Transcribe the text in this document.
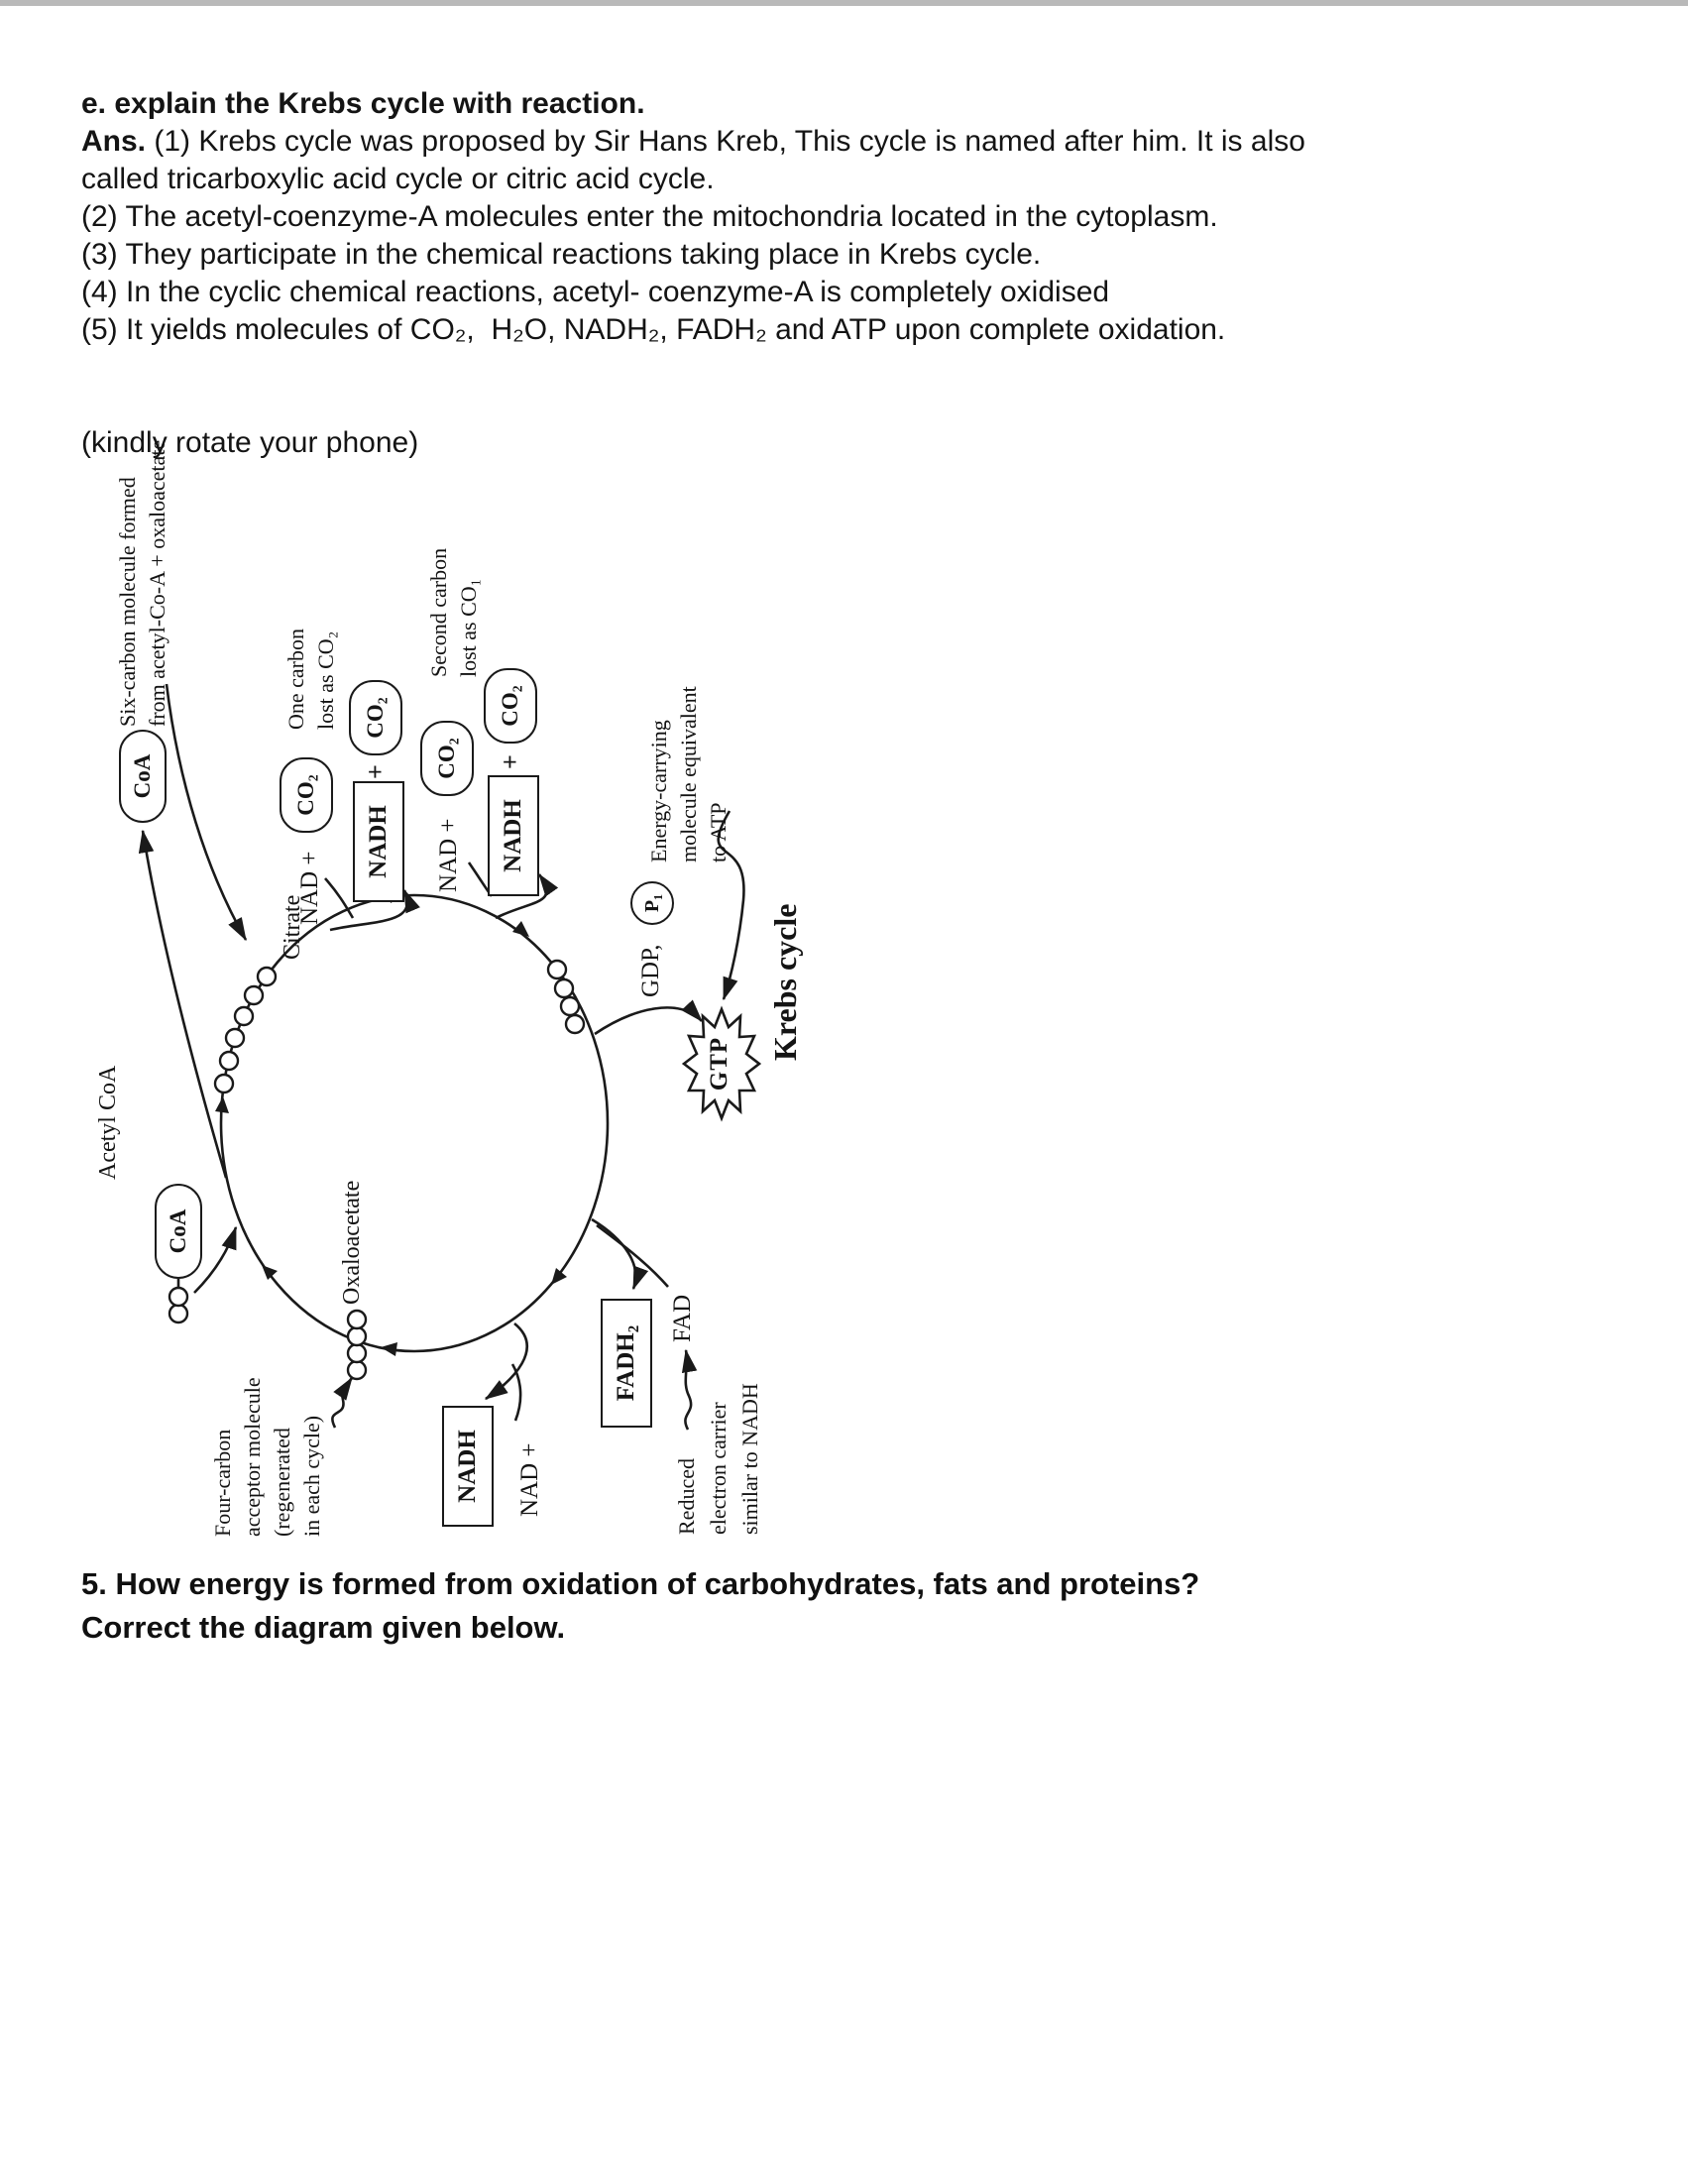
e. explain the Krebs cycle with reaction.
Ans. (1) Krebs cycle was proposed by Sir Hans Kreb, This cycle is named after him. It is also
called tricarboxylic acid cycle or citric acid cycle.
(2) The acetyl-coenzyme-A molecules enter the mitochondria located in the cytoplasm.
(3) They participate in the chemical reactions taking place in Krebs cycle.
(4) In the cyclic chemical reactions, acetyl- coenzyme-A is completely oxidised
(5) It yields molecules of CO₂,  H₂O, NADH₂, FADH₂ and ATP upon complete oxidation.
(kindly rotate your phone)
Acetyl CoA
CoA
CoA
Six-carbon molecule formed from acetyl-Co-A + oxaloacetate
Citrate
NAD +
CO₂
One carbon lost as CO₂
NADH
+
CO₂
NAD +
CO₂
Second carbon lost as CO₁
NADH
+
CO₂
GDP,
P₁
GTP
Energy-carrying molecule equivalent to ATP
Krebs cycle
FADH₂
FAD
Reduced electron carrier similar to NADH
NADH	NAD +
Oxaloacetate
Four-carbon acceptor molecule (regenerated in each cycle)
5. How energy is formed from oxidation of carbohydrates, fats and proteins?
Correct the diagram given below.
